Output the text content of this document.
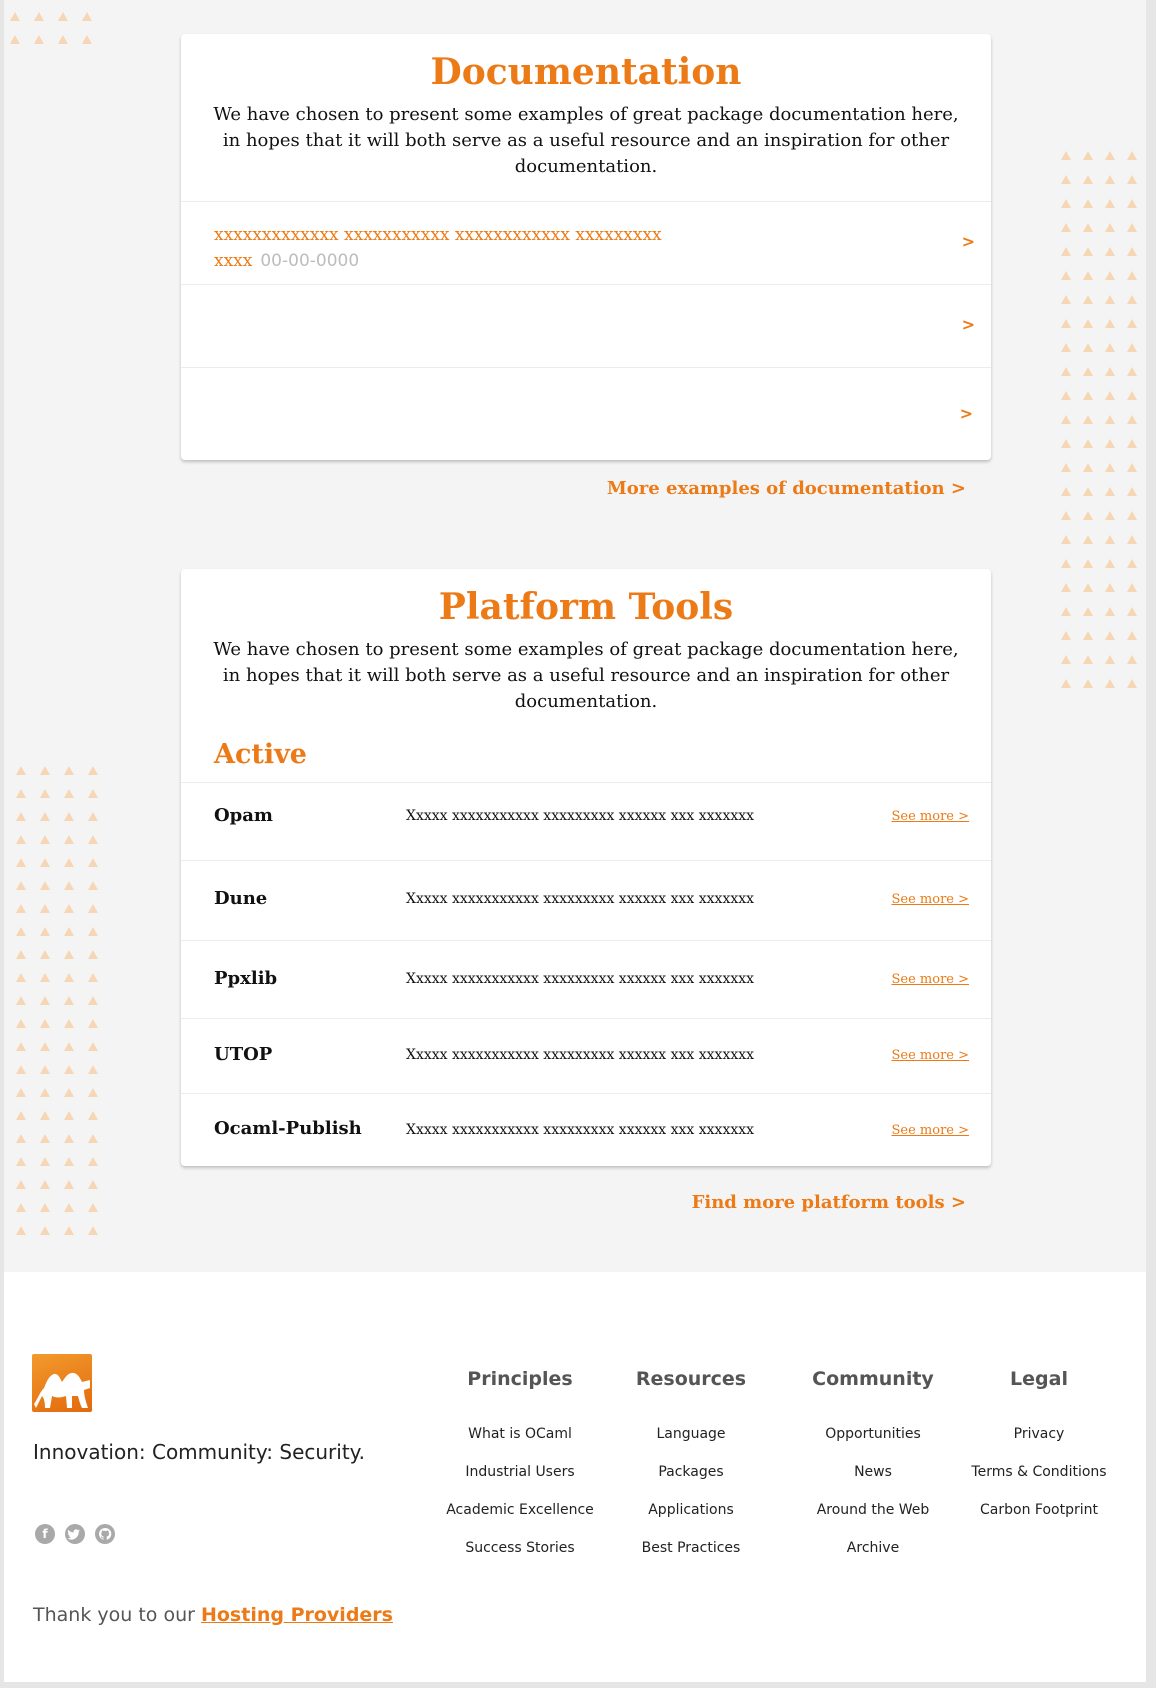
Documentation

We have chosen to present some examples of great package documentation here, in hopes that it will both serve as a useful resource and an inspiration for other documentation.

xxxxxxxxxxxxx xxxxxxxxxxx xxxxxxxxxxxx xxxxxxxxx xxxx 00-00-0000
>
>
>
More examples of documentation >
Platform Tools

We have chosen to present some examples of great package documentation here, in hopes that it will both serve as a useful resource and an inspiration for other documentation.

Active
Opam	Xxxxx xxxxxxxxxxx xxxxxxxxx xxxxxx xxx xxxxxxx	See more >
Dune	Xxxxx xxxxxxxxxxx xxxxxxxxx xxxxxx xxx xxxxxxx	See more >
Ppxlib	Xxxxx xxxxxxxxxxx xxxxxxxxx xxxxxx xxx xxxxxxx	See more >
UTOP	Xxxxx xxxxxxxxxxx xxxxxxxxx xxxxxx xxx xxxxxxx	See more >
Ocaml-Publish	Xxxxx xxxxxxxxxxx xxxxxxxxx xxxxxx xxx xxxxxxx	See more >
Find more platform tools >
Innovation: Community: Security.
f
Thank you to our Hosting Providers
Principles
What is OCaml
Industrial Users
Academic Excellence
Success Stories
Resources
Language
Packages
Applications
Best Practices
Community
Opportunities
News
Around the Web
Archive
Legal
Privacy
Terms & Conditions
Carbon Footprint
